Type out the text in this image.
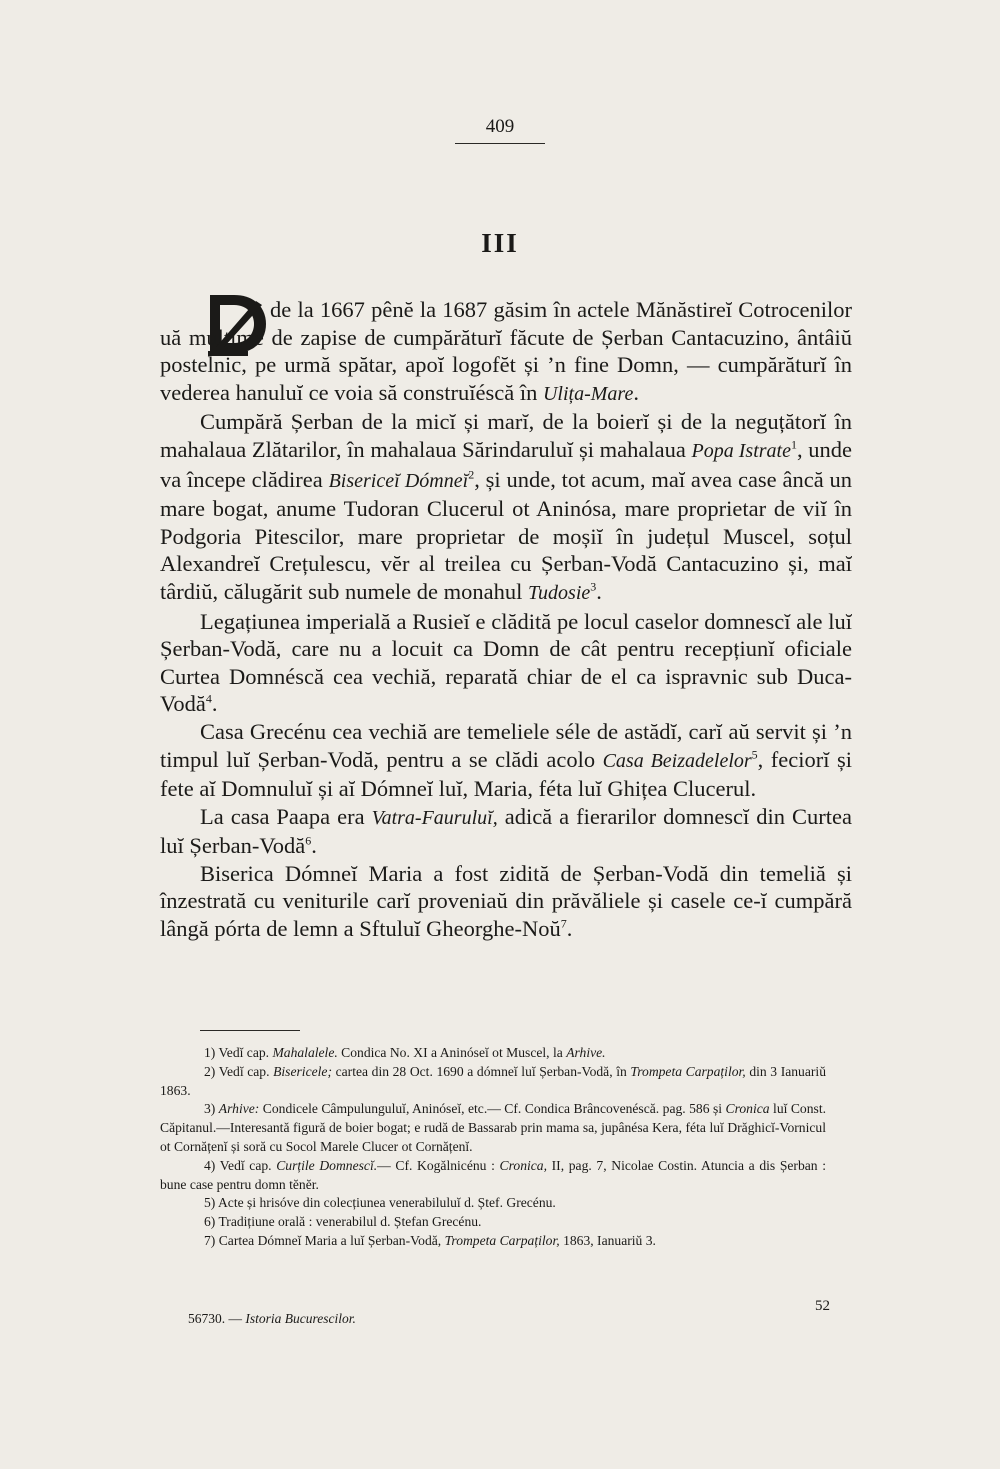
409
III

de la 1667 pênĕ la 1687 găsim în actele Mănăstireĭ Cotrocenilor uă mulțime de zapise de cumpărăturĭ făcute de Șerban Cantacuzino, ântâiŭ postelnic, pe urmă spătar, apoĭ logofĕt și ’n fine Domn, — cumpărăturĭ în vederea hanuluĭ ce voia să construĭéscă în Ulița-Mare.

Cumpără Șerban de la micĭ și marĭ, de la boierĭ și de la neguțătorĭ în mahalaua Zlătarilor, în mahalaua Sărindaruluĭ și mahalaua Popa Istrate$^1$, unde va începe clădirea Bisericeĭ Dómneĭ$^2$, și unde, tot acum, maĭ avea case âncă un mare bogat, anume Tudoran Clucerul ot Aninósa, mare proprietar de viĭ în Podgoria Pitescilor, mare proprietar de moșiĭ în județul Muscel, soțul Alexandreĭ Crețulescu, vĕr al treilea cu Șerban-Vodă Cantacuzino și, maĭ târdiŭ, călugărit sub numele de monahul Tudosie$^3$.

Legațiunea imperială a Rusieĭ e clădită pe locul caselor domnescĭ ale luĭ Șerban-Vodă, care nu a locuit ca Domn de cât pentru recepțiunĭ oficiale Curtea Domnéscă cea vechiă, reparată chiar de el ca ispravnic sub Duca-Vodă$^4$.

Casa Grecénu cea vechiă are temeliele séle de astădĭ, carĭ aŭ servit și ’n timpul luĭ Șerban-Vodă, pentru a se clădi acolo Casa Beizadelelor$^5$, feciorĭ și fete aĭ Domnuluĭ și aĭ Dómneĭ luĭ, Maria, féta luĭ Ghițea Clucerul.

La casa Paapa era Vatra-Fauruluĭ, adică a fierarilor domnescĭ din Curtea luĭ Șerban-Vodă$^6$.

Biserica Dómneĭ Maria a fost zidită de Șerban-Vodă din temeliă și înzestrată cu veniturile carĭ proveniaŭ din prăvăliele și casele ce-ĭ cumpără lângă pórta de lemn a Sftuluĭ Gheorghe-Noŭ$^7$.

1) Vedĭ cap. Mahalalele. Condica No. XI a Aninóseĭ ot Muscel, la Arhive.

2) Vedĭ cap. Bisericele; cartea din 28 Oct. 1690 a dómneĭ luĭ Șerban-Vodă, în Trompeta Carpaților, din 3 Ianuariŭ 1863.

3) Arhive: Condicele Câmpulunguluĭ, Aninóseĭ, etc.— Cf. Condica Brâncovenéscă. pag. 586 și Cronica luĭ Const. Căpitanul.—Interesantă figură de boier bogat; e rudă de Bassarab prin mama sa, jupânésa Kera, féta luĭ Drăghicĭ-Vornicul ot Cornățenĭ și soră cu Socol Marele Clucer ot Cornățenĭ.

4) Vedĭ cap. Curțile Domnescĭ.— Cf. Kogălnicénu : Cronica, II, pag. 7, Nicolae Costin. Atuncia a dis Șerban : bune case pentru domn tĕnĕr.

5) Acte și hrisóve din colecțiunea venerabiluluĭ d. Ștef. Grecénu.

6) Tradițiune orală : venerabilul d. Ștefan Grecénu.

7) Cartea Dómneĭ Maria a luĭ Șerban-Vodă, Trompeta Carpaților, 1863, Ianuariŭ 3.

56730. — Istoria Bucurescilor.
52
